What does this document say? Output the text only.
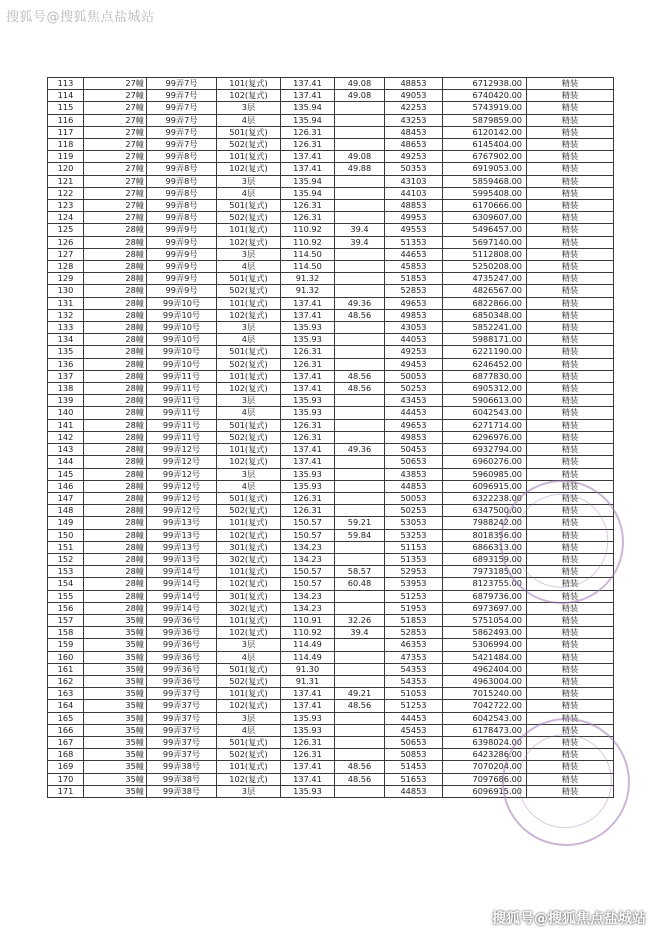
搜狐号@搜狐焦点盐城站
113	27幢	99弄7号	101(复式)	137.41	49.08	48853	6712938.00	精装
114	27幢	99弄7号	102(复式)	137.41	49.08	49053	6740420.00	精装
115	27幢	99弄7号	3层	135.94		42253	5743919.00	精装
116	27幢	99弄7号	4层	135.94		43253	5879859.00	精装
117	27幢	99弄7号	501(复式)	126.31		48453	6120142.00	精装
118	27幢	99弄7号	502(复式)	126.31		48653	6145404.00	精装
119	27幢	99弄8号	101(复式)	137.41	49.08	49253	6767902.00	精装
120	27幢	99弄8号	102(复式)	137.41	49.88	50353	6919053.00	精装
121	27幢	99弄8号	3层	135.94		43103	5859468.00	精装
122	27幢	99弄8号	4层	135.94		44103	5995408.00	精装
123	27幢	99弄8号	501(复式)	126.31		48853	6170666.00	精装
124	27幢	99弄8号	502(复式)	126.31		49953	6309607.00	精装
125	28幢	99弄9号	101(复式)	110.92	39.4	49553	5496457.00	精装
126	28幢	99弄9号	102(复式)	110.92	39.4	51353	5697140.00	精装
127	28幢	99弄9号	3层	114.50		44653	5112808.00	精装
128	28幢	99弄9号	4层	114.50		45853	5250208.00	精装
129	28幢	99弄9号	501(复式)	91.32		51853	4735247.00	精装
130	28幢	99弄9号	502(复式)	91.32		52853	4826567.00	精装
131	28幢	99弄10号	101(复式)	137.41	49.36	49653	6822866.00	精装
132	28幢	99弄10号	102(复式)	137.41	48.56	49853	6850348.00	精装
133	28幢	99弄10号	3层	135.93		43053	5852241.00	精装
134	28幢	99弄10号	4层	135.93		44053	5988171.00	精装
135	28幢	99弄10号	501(复式)	126.31		49253	6221190.00	精装
136	28幢	99弄10号	502(复式)	126.31		49453	6246452.00	精装
137	28幢	99弄11号	101(复式)	137.41	48.56	50053	6877830.00	精装
138	28幢	99弄11号	102(复式)	137.41	48.56	50253	6905312.00	精装
139	28幢	99弄11号	3层	135.93		43453	5906613.00	精装
140	28幢	99弄11号	4层	135.93		44453	6042543.00	精装
141	28幢	99弄11号	501(复式)	126.31		49653	6271714.00	精装
142	28幢	99弄11号	502(复式)	126.31		49853	6296976.00	精装
143	28幢	99弄12号	101(复式)	137.41	49.36	50453	6932794.00	精装
144	28幢	99弄12号	102(复式)	137.41		50653	6960276.00	精装
145	28幢	99弄12号	3层	135.93		43853	5960985.00	精装
146	28幢	99弄12号	4层	135.93		44853	6096915.00	精装
147	28幢	99弄12号	501(复式)	126.31		50053	6322238.00	精装
148	28幢	99弄12号	502(复式)	126.31		50253	6347500.00	精装
149	28幢	99弄13号	101(复式)	150.57	59.21	53053	7988242.00	精装
150	28幢	99弄13号	102(复式)	150.57	59.84	53253	8018356.00	精装
151	28幢	99弄13号	301(复式)	134.23		51153	6866313.00	精装
152	28幢	99弄13号	302(复式)	134.23		51353	6893159.00	精装
153	28幢	99弄14号	101(复式)	150.57	58.57	52953	7973185.00	精装
154	28幢	99弄14号	102(复式)	150.57	60.48	53953	8123755.00	精装
155	28幢	99弄14号	301(复式)	134.23		51253	6879736.00	精装
156	28幢	99弄14号	302(复式)	134.23		51953	6973697.00	精装
157	35幢	99弄36号	101(复式)	110.91	32.26	51853	5751054.00	精装
158	35幢	99弄36号	102(复式)	110.92	39.4	52853	5862493.00	精装
159	35幢	99弄36号	3层	114.49		46353	5306994.00	精装
160	35幢	99弄36号	4层	114.49		47353	5421484.00	精装
161	35幢	99弄36号	501(复式)	91.30		54353	4962404.00	精装
162	35幢	99弄36号	502(复式)	91.31		54353	4963004.00	精装
163	35幢	99弄37号	101(复式)	137.41	49.21	51053	7015240.00	精装
164	35幢	99弄37号	102(复式)	137.41	48.56	51253	7042722.00	精装
165	35幢	99弄37号	3层	135.93		44453	6042543.00	精装
166	35幢	99弄37号	4层	135.93		45453	6178473.00	精装
167	35幢	99弄37号	501(复式)	126.31		50653	6398024.00	精装
168	35幢	99弄37号	502(复式)	126.31		50853	6423286.00	精装
169	35幢	99弄38号	101(复式)	137.41	48.56	51453	7070204.00	精装
170	35幢	99弄38号	102(复式)	137.41	48.56	51653	7097686.00	精装
171	35幢	99弄38号	3层	135.93		44853	6096915.00	精装
搜狐号@搜狐焦点盐城站
